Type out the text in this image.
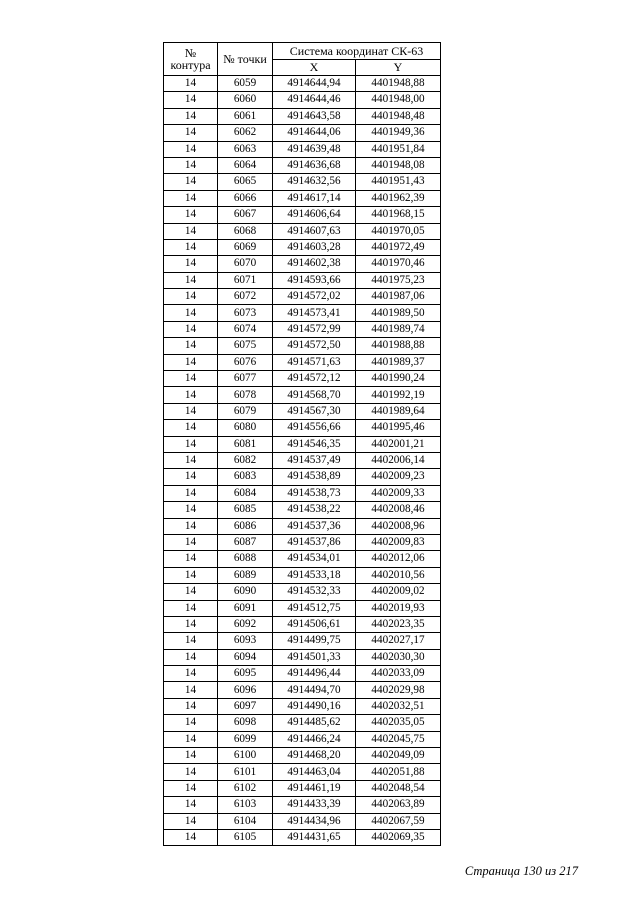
№
контура	№ точки	Система координат СК-63	
		X	Y
14	6059	4914644,94	4401948,88
14	6060	4914644,46	4401948,00
14	6061	4914643,58	4401948,48
14	6062	4914644,06	4401949,36
14	6063	4914639,48	4401951,84
14	6064	4914636,68	4401948,08
14	6065	4914632,56	4401951,43
14	6066	4914617,14	4401962,39
14	6067	4914606,64	4401968,15
14	6068	4914607,63	4401970,05
14	6069	4914603,28	4401972,49
14	6070	4914602,38	4401970,46
14	6071	4914593,66	4401975,23
14	6072	4914572,02	4401987,06
14	6073	4914573,41	4401989,50
14	6074	4914572,99	4401989,74
14	6075	4914572,50	4401988,88
14	6076	4914571,63	4401989,37
14	6077	4914572,12	4401990,24
14	6078	4914568,70	4401992,19
14	6079	4914567,30	4401989,64
14	6080	4914556,66	4401995,46
14	6081	4914546,35	4402001,21
14	6082	4914537,49	4402006,14
14	6083	4914538,89	4402009,23
14	6084	4914538,73	4402009,33
14	6085	4914538,22	4402008,46
14	6086	4914537,36	4402008,96
14	6087	4914537,86	4402009,83
14	6088	4914534,01	4402012,06
14	6089	4914533,18	4402010,56
14	6090	4914532,33	4402009,02
14	6091	4914512,75	4402019,93
14	6092	4914506,61	4402023,35
14	6093	4914499,75	4402027,17
14	6094	4914501,33	4402030,30
14	6095	4914496,44	4402033,09
14	6096	4914494,70	4402029,98
14	6097	4914490,16	4402032,51
14	6098	4914485,62	4402035,05
14	6099	4914466,24	4402045,75
14	6100	4914468,20	4402049,09
14	6101	4914463,04	4402051,88
14	6102	4914461,19	4402048,54
14	6103	4914433,39	4402063,89
14	6104	4914434,96	4402067,59
14	6105	4914431,65	4402069,35
Страница 130 из 217
